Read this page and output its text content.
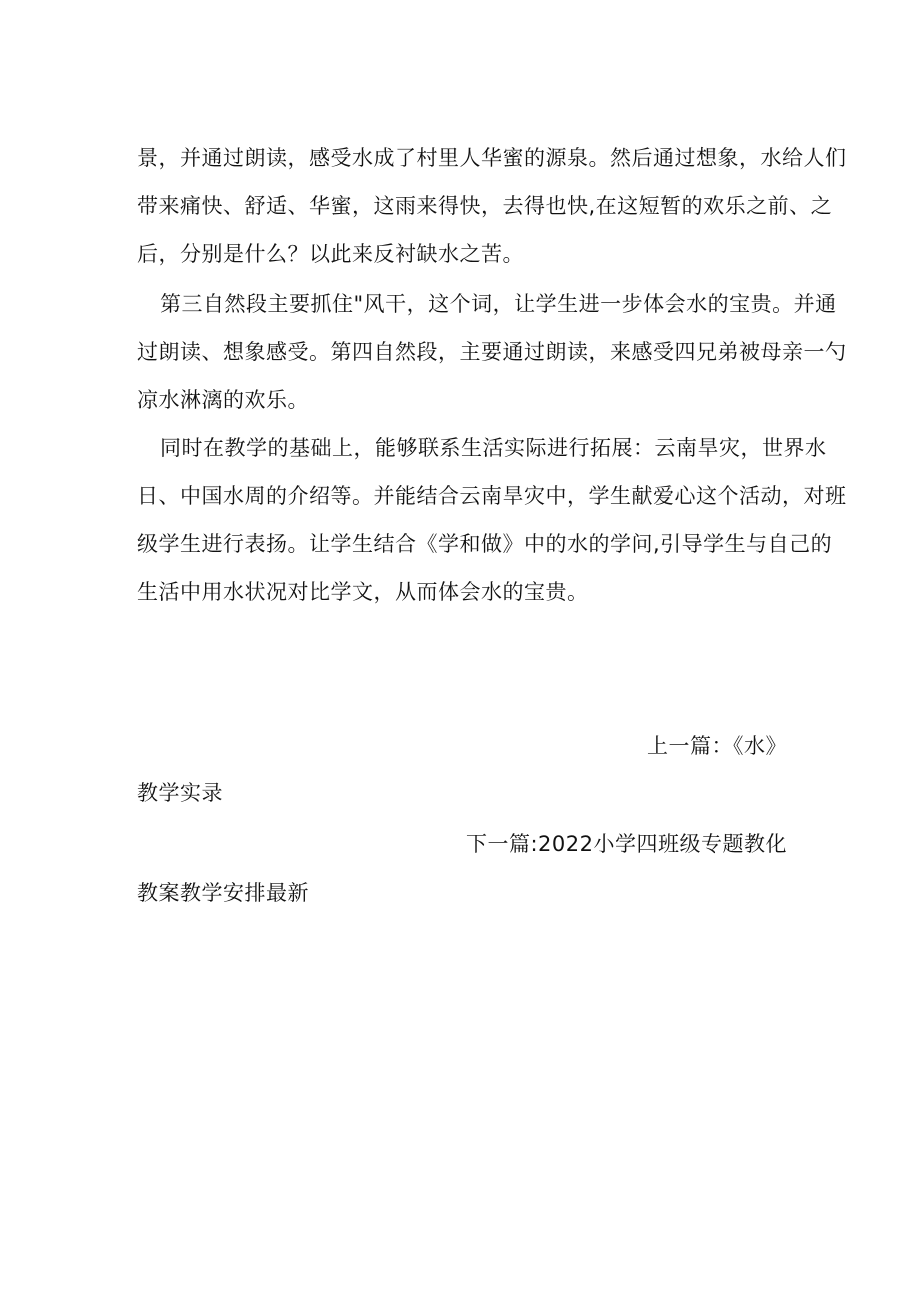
景，并通过朗读，感受水成了村里人华蜜的源泉。然后通过想象，水给人们
带来痛快、舒适、华蜜，这雨来得快，去得也快,在这短暂的欢乐之前、之
后，分别是什么？以此来反衬缺水之苦。
第三自然段主要抓住"风干，这个词，让学生进一步体会水的宝贵。并通
过朗读、想象感受。第四自然段，主要通过朗读，来感受四兄弟被母亲一勺
凉水淋漓的欢乐。
同时在教学的基础上，能够联系生活实际进行拓展：云南旱灾，世界水
日、中国水周的介绍等。并能结合云南旱灾中，学生献爱心这个活动，对班
级学生进行表扬。让学生结合《学和做》中的水的学问,引导学生与自己的
生活中用水状况对比学文，从而体会水的宝贵。
上一篇：《水》
教学实录
下一篇:2022小学四班级专题教化
教案教学安排最新
